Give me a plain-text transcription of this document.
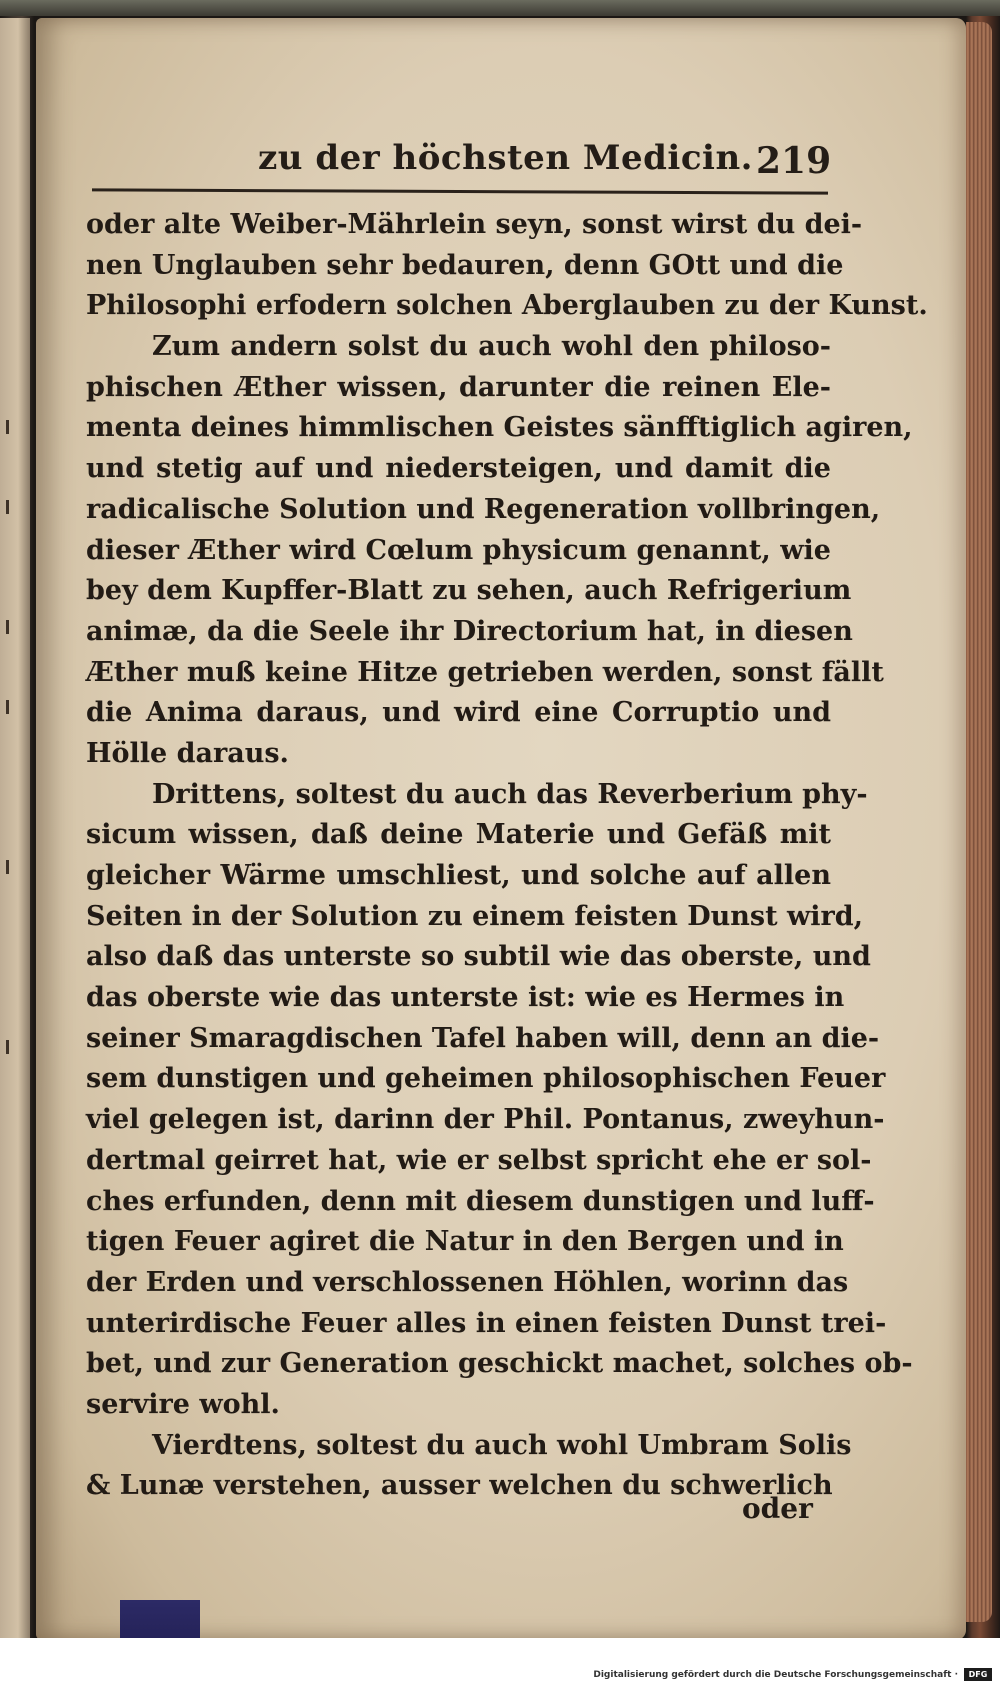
zu der höchsten Medicin. 219
oder alte Weiber-Mährlein seyn, sonst wirst du dei-
nen Unglauben sehr bedauren, denn GOtt und die
Philosophi erfodern solchen Aberglauben zu der Kunst.
Zum andern solst du auch wohl den philoso-
phischen Æther wissen, darunter die reinen Ele-
menta deines himmlischen Geistes sänfftiglich agiren,
und stetig auf und niedersteigen, und damit die
radicalische Solution und Regeneration vollbringen,
dieser Æther wird Cœlum physicum genannt, wie
bey dem Kupffer-Blatt zu sehen, auch Refrigerium
animæ, da die Seele ihr Directorium hat, in diesen
Æther muß keine Hitze getrieben werden, sonst fällt
die Anima daraus, und wird eine Corruptio und
Hölle daraus.
Drittens, soltest du auch das Reverberium phy-
sicum wissen, daß deine Materie und Gefäß mit
gleicher Wärme umschliest, und solche auf allen
Seiten in der Solution zu einem feisten Dunst wird,
also daß das unterste so subtil wie das oberste, und
das oberste wie das unterste ist: wie es Hermes in
seiner Smaragdischen Tafel haben will, denn an die-
sem dunstigen und geheimen philosophischen Feuer
viel gelegen ist, darinn der Phil. Pontanus, zweyhun-
dertmal geirret hat, wie er selbst spricht ehe er sol-
ches erfunden, denn mit diesem dunstigen und luff-
tigen Feuer agiret die Natur in den Bergen und in
der Erden und verschlossenen Höhlen, worinn das
unterirdische Feuer alles in einen feisten Dunst trei-
bet, und zur Generation geschickt machet, solches ob-
servire wohl.
Vierdtens, soltest du auch wohl Umbram Solis
& Lunæ verstehen, ausser welchen du schwerlich
oder
Digitalisierung gefördert durch die Deutsche Forschungsgemeinschaft ·	DFG
